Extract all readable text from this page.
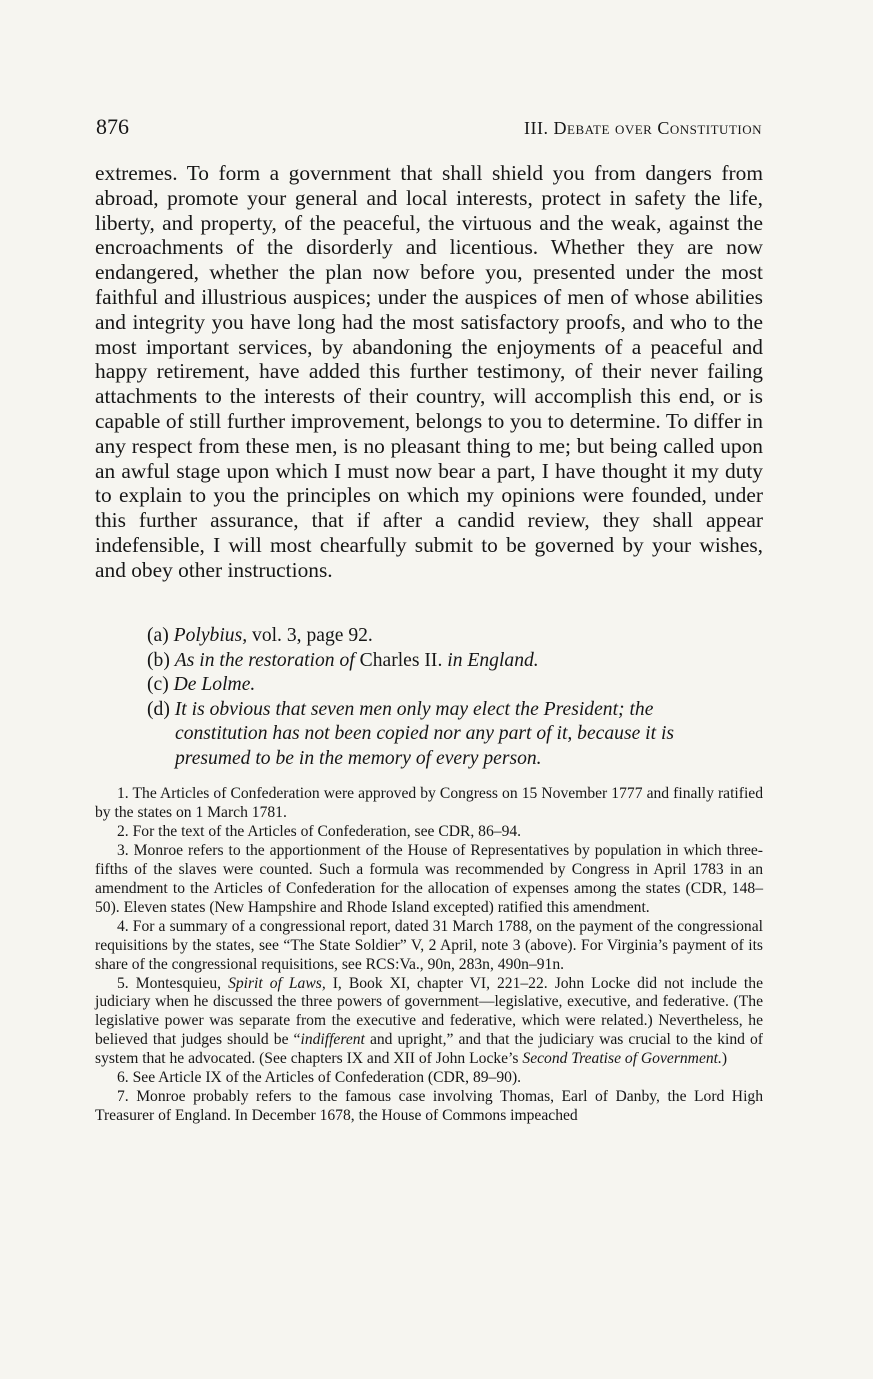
876	III. Debate over Constitution

extremes. To form a government that shall shield you from dangers from abroad, promote your general and local interests, protect in safety the life, liberty, and property, of the peaceful, the virtuous and the weak, against the encroachments of the disorderly and licentious. Whether they are now endangered, whether the plan now before you, presented under the most faithful and illustrious auspices; under the auspices of men of whose abilities and integrity you have long had the most satisfactory proofs, and who to the most important services, by abandoning the enjoyments of a peaceful and happy retirement, have added this further testimony, of their never failing attachments to the interests of their country, will accomplish this end, or is capable of still further improvement, belongs to you to determine. To differ in any respect from these men, is no pleasant thing to me; but being called upon an awful stage upon which I must now bear a part, I have thought it my duty to explain to you the principles on which my opinions were founded, under this further assurance, that if after a candid review, they shall appear indefensible, I will most chearfully submit to be governed by your wishes, and obey other instructions.

(a) Polybius, vol. 3, page 92.
(b) As in the restoration of Charles II. in England.
(c) De Lolme.
(d) It is obvious that seven men only may elect the President; the constitution has not been copied nor any part of it, because it is presumed to be in the memory of every person.

1. The Articles of Confederation were approved by Congress on 15 November 1777 and finally ratified by the states on 1 March 1781.

2. For the text of the Articles of Confederation, see CDR, 86–94.

3. Monroe refers to the apportionment of the House of Representatives by population in which three-fifths of the slaves were counted. Such a formula was recommended by Congress in April 1783 in an amendment to the Articles of Confederation for the allocation of expenses among the states (CDR, 148–50). Eleven states (New Hampshire and Rhode Island excepted) ratified this amendment.

4. For a summary of a congressional report, dated 31 March 1788, on the payment of the congressional requisitions by the states, see “The State Soldier” V, 2 April, note 3 (above). For Virginia’s payment of its share of the congressional requisitions, see RCS:Va., 90n, 283n, 490n–91n.

5. Montesquieu, Spirit of Laws, I, Book XI, chapter VI, 221–22. John Locke did not include the judiciary when he discussed the three powers of government—legislative, executive, and federative. (The legislative power was separate from the executive and federative, which were related.) Nevertheless, he believed that judges should be “indifferent and upright,” and that the judiciary was crucial to the kind of system that he advocated. (See chapters IX and XII of John Locke’s Second Treatise of Government.)

6. See Article IX of the Articles of Confederation (CDR, 89–90).

7. Monroe probably refers to the famous case involving Thomas, Earl of Danby, the Lord High Treasurer of England. In December 1678, the House of Commons impeached
